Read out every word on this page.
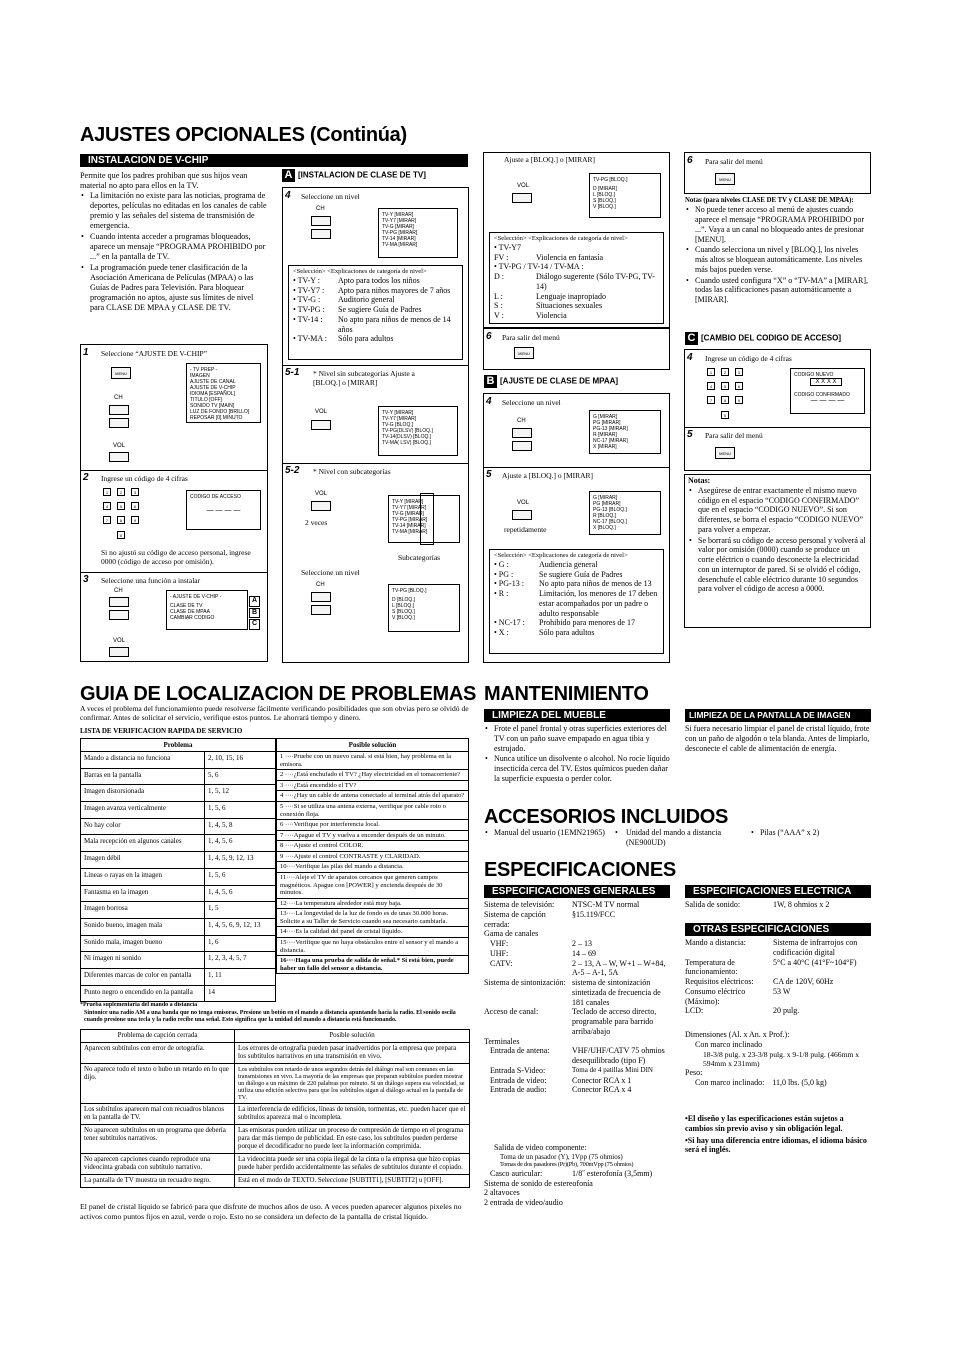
AJUSTES OPCIONALES (Continúa)
INSTALACION DE V-CHIP
Permite que los padres prohiban que sus hijos vean material no apto para ellos en la TV.
• La limitación no existe para las noticias, programa de deportes, películas no editadas en los canales de cable premio y las señales del sistema de transmisión de emergencia.
• Cuando intenta acceder a programas bloqueados, aparece un mensaje “PROGRAMA PROHIBIDO por ...” en la pantalla de TV.
• La programación puede tener clasificación de la Asociación Americana de Películas (MPAA) o las Guías de Padres para Televisión. Para bloquear programación no aptos, ajuste sus límites de nivel para CLASE DE MPAA y CLASE DE TV.
1 Seleccione “AJUSTE DE V-CHIP”
MENU
CH
VOL
- TV PREP -
IMAGEN
AJUSTE DE CANAL
AJUSTE DE V-CHIP
IDIOMA [ESPAÑOL]
TITULO [OFF]
SONIDO TV [MAIN]
LUZ DE FONDO [BRILLO]
REPOSAR [0] MINUTO
2 Ingrese un código de 4 cifras
1	2	3
4	5	6
7	8	9
0
CODIGO DE ACCESO
— — — —
Si no ajustó su código de acceso personal, ingrese 0000 (código de acceso por omisión).
3 Seleccione una función a instalar
CH
VOL
- AJUSTE DE V-CHIP -
CLASE DE TV
CLASE DE MPAA
CAMBIAR CODIGO
A
B
C
A [INSTALACION DE CLASE DE TV]
4 Seleccione un nivel
CH
TV-Y [MIRAR]
TV-Y7 [MIRAR]
TV-G [MIRAR]
TV-PG [MIRAR]
TV-14 [MIRAR]
TV-MA [MIRAR]
<Selección> <Explicaciones de categoría de nivel>
• TV-Y :	Apto para todos los niños
• TV-Y7 :	Apto para niños mayores de 7 años
• TV-G :	Auditorio general
• TV-PG :	Se sugiere Guía de Padres
• TV-14 :	No apto para niños de menos de 14 años
• TV-MA :	Sólo para adultos
5-1 * Nivel sin subcategorías Ajuste a [BLOQ.] o [MIRAR]
VOL	TV-Y [MIRAR]
TV-Y7 [MIRAR]
TV-G [BLOQ.]
TV-PG(DLSV) [BLOQ.]
TV-14(DLSV) [BLOQ.]
TV-MA( LSV) [BLOQ.]
5-2 * Nivel con subcategorías
VOL
2 veces
TV-Y [MIRAR]
TV-Y7 [MIRAR]
TV-G [MIRAR]
TV-PG [MIRAR]
TV-14 [MIRAR]
TV-MA [MIRAR]
Subcategorías
Seleccione un nivel
CH
TV-PG [BLOQ.]
D [BLOQ.]
L [BLOQ.]
S [BLOQ.]
V [BLOQ.]
Ajuste a [BLOQ.] o [MIRAR]
VOL
TV-PG [BLOQ.]
D [MIRAR]
L [BLOQ.]
S [BLOQ.]
V [BLOQ.]
<Selección> <Explicaciones de categoría de nivel>
• TV-Y7
FV :	Violencia en fantasía
• TV-PG / TV-14 / TV-MA :
D :	Diálogo sugerente (Sólo TV-PG, TV-14)
L :	Lenguaje inapropiado
S :	Situaciones sexuales
V :	Violencia
6 Para salir del menú
MENU
B [AJUSTE DE CLASE DE MPAA]
4 Seleccione un nivel
CH
G [MIRAR]
PG [MIRAR]
PG-13 [MIRAR]
R [MIRAR]
NC-17 [MIRAR]
X [MIRAR]
5 Ajuste a [BLOQ.] o [MIRAR]
VOL
repetidamente
G [MIRAR]
PG [MIRAR]
PG-13 [BLOQ.]
R [BLOQ.]
NC-17 [BLOQ.]
X [BLOQ.]
<Selección> <Explicaciones de categoría de nivel>
• G :	Audiencia general
• PG :	Se sugiere Guía de Padres
• PG-13 :	No apto para niños de menos de 13
• R :	Limitación, los menores de 17 deben estar acompañados por un padre o adulto responsable
• NC-17 :	Prohibido para menores de 17
• X :	Sólo para adultos
6 Para salir del menú
MENU
Notas (para niveles CLASE DE TV y CLASE DE MPAA):
• No puede tener acceso al menú de ajustes cuando aparece el mensaje “PROGRAMA PROHIBIDO por ...”. Vaya a un canal no bloqueado antes de presionar [MENU].
• Cuando selecciona un nivel y [BLOQ.], los niveles más altos se bloquean automáticamente. Los niveles más bajos pueden verse.
• Cuando usted configura “X” o “TV-MA” a [MIRAR], todas las calificaciones pasan automáticamente a [MIRAR].
C [CAMBIO DEL CODIGO DE ACCESO]
4 Ingrese un código de 4 cifras
1	2	3
4	5	6
7	8	9
0
CODIGO NUEVO
X X X X
CODIGO CONFIRMADO
— — — —
5 Para salir del menú
MENU
Notas:
• Asegúrese de entrar exactamente el mismo nuevo código en el espacio “CODIGO CONFIRMADO” que en el espacio “CODIGO NUEVO”. Si son diferentes, se borra el espacio “CODIGO NUEVO” para volver a empezar.
• Se borrará su código de acceso personal y volverá al valor por omisión (0000) cuando se produce un corte eléctrico o cuando desconecte la electricidad con un interruptor de pared. Si se olvidó el código, desenchufe el cable eléctrico durante 10 segundos para volver el código de acceso a 0000.
GUIA DE LOCALIZACION DE PROBLEMAS
A veces el problema del funcionamiento puede resolverse fácilmente verificando posibilidades que son obvias pero se olvidó de confirmar. Antes de solicitar el servicio, verifique estos puntos. Le ahorrará tiempo y dinero.
LISTA DE VERIFICACION RAPIDA DE SERVICIO
Problema	
Mando a distancia no funciona	2, 10, 15, 16
Barras en la pantalla	5, 6
Imagen distorsionada	1, 5, 12
Imagen avanza verticalmente	1, 5, 6
No hay color	1, 4, 5, 8
Mala recepción en algunos canales	1, 4, 5, 6
Imagen débil	1, 4, 5, 9, 12, 13
Líneas o rayas en la imagen	1, 5, 6
Fantasma en la imagen	1, 4, 5, 6
Imagen borrosa	1, 5
Sonido bueno, imagen mala	1, 4, 5, 6, 9, 12, 13
Sonido mala, imagen bueno	1, 6
Ni imagen ni sonido	1, 2, 3, 4, 5, 7
Diferentes marcas de color en pantalla	1, 11
Punto negro o encendido en la pantalla	14
Posible solución
1 ····Pruebe con un nuevo canal. si está bien, hay problema en la emisora.
2 ····¿Está enchufado el TV? ¿Hay electricidad en el tomacorriente?
3 ····¿Está encendido el TV?
4 ····¿Hay un cable de antena conectado al terminal atrás del aparato?
5 ····Si se utiliza una antena externa, verifique por cable roto o conexión floja.
6 ····Verifique por interferencia local.
7 ····Apague el TV y vuelva a encender después de un minuto.
8 ····Ajuste el control COLOR.
9 ····Ajuste el control CONTRASTE y CLARIDAD.
10····Verifique las pilas del mando a distancia.
11····Aleje el TV de aparatos cercanos que generen campos magnéticos. Apague con [POWER] y encienda después de 30 minutos.
12····La temperatura alrededor está muy baja.
13····La longevidad de la luz de fondo es de unas 30.000 horas. Solicite a su Taller de Servicio cuando sea necesario cambiarla.
14····Es la calidad del panel de cristal líquido.
15····Verifique que no haya obstáculos entre el sensor y el mando a distancia.
16····Haga una prueba de salida de señal.* Si está bien, puede haber un fallo del sensor a distancia.
*Prueba suplementaria del mando a distancia
Sintonice una radio AM a una banda que no tenga emisoras. Presione un botón en el mando a distancia apuntando hacia la radio. El sonido oscila cuando presione una tecla y la radio recibe una señal. Esto significa que la unidad del mando a distancia está funcionando.
Problema de capción cerrada	Posible solución
Aparecen subtítulos con error de ortografía.	Los errores de ortografía pueden pasar inadvertidos por la empresa que prepara los subtítulos narrativos en una transmisión en vivo.
No aparece todo el texto o hubo un retardo en lo que dijo.	Los subtítulos con retardo de unos segundos detrás del diálogo real son comunes en las transmisiones en vivo. La mayoría de las empresas que preparan subtítulos pueden mostrar un diálogo a un máximo de 220 palabras por minuto. Si un diálogo supera esa velocidad, se utiliza una edición selectiva para que los subtítulos sigan al diálogo actual en la pantalla de TV.
Los subtítulos aparecen mal con recuadros blancos en la pantalla de TV.	La interferencia de edificios, líneas de tensión, tormentas, etc. pueden hacer que el subtítulos aparezca mal o incompleta.
No aparecen subtítulos en un programa que debería tener subtítulos narrativos.	Las emisoras pueden utilizar un proceso de compresión de tiempo en el programa para dar más tiempo de publicidad. En este caso, los subtítulos pueden perderse porque el decodificador no puede leer la información comprimida.
No aparecen capciones cuando reproduce una videocinta grabada con subtítulo narrativo.	La videocinta puede ser una copia ilegal de la cinta o la empresa que hizo copias puede haber perdido accidentalmente las señales de subtítulos durante el copiado.
La pantalla de TV muestra un recuadro negro.	Está en el modo de TEXTO. Seleccione [SUBTIT1], [SUBTIT2] u [OFF].
El panel de cristal líquido se fabricó para que disfrute de muchos años de uso. A veces pueden aparecer algunos pixeles no activos como puntos fijos en azul, verde o rojo. Esto no se considera un defecto de la pantalla de cristal líquido.
MANTENIMIENTO
LIMPIEZA DEL MUEBLE
• Frote el panel frontal y otras superficies exteriores del TV con un paño suave empapado en agua tibia y estrujado.
• Nunca utilice un disolvente o alcohol. No rocíe líquido insecticida cerca del TV. Estos químicos pueden dañar la superficie expuesta o perder color.
LIMPIEZA DE LA PANTALLA DE IMAGEN
Si fuera necesario limpiar el panel de cristal líquido, frote con un paño de algodón o tela blanda. Antes de limpiarlo, desconecte el cable de alimentación de energía.
ACCESORIOS INCLUIDOS
• Manual del usuario (1EMN21965)	• Unidad del mando a distancia (NE900UD)
• Pilas (“AAA” x 2)
ESPECIFICACIONES
ESPECIFICACIONES GENERALES
Sistema de televisión:	NTSC-M TV normal
Sistema de capción cerrada:
§15.119/FCC
Gama de canales
VHF:	2 – 13
UHF:	14 – 69
CATV:	2 – 13, A – W, W+1 – W+84, A-5 – A-1, 5A
Sistema de sintonización: sistema de sintonización sintetizada de frecuencia de 181 canales
Acceso de canal:	Teclado de acceso directo, programable para barrido arriba/abajo
Terminales
Entrada de antena:	VHF/UHF/CATV 75 ohmios desequilibrado (tipo F)
Entrada S-Video:	Toma de 4 patillas Mini DIN
Entrada de video:	Conector RCA x 1
Entrada de audio:	Conector RCA x 4
Salida de video componente:
Toma de un pasador (Y), 1Vpp (75 ohmios)
Tomas de dos pasadores (Pr)(Pb), 700mVpp (75 ohmios)
Casco auricular:	1/8˝ esterofonía (3,5mm)
Sistema de sonido de estereofonía
2 altavoces
2 entrada de video/audio
ESPECIFICACIONES ELECTRICA
Salida de sonido:	1W, 8 ohmios x 2
OTRAS ESPECIFICACIONES
Mando a distancia:	Sistema de infrarrojos con codificación digital
Temperatura de funcionamiento:
5°C a 40°C (41°F~104°F)
Requisitos eléctricos:	CA de 120V, 60Hz
Consumo eléctrico (Máximo):
53 W
LCD:	20 pulg.
Dimensiones (Al. x An. x Prof.):
Con marco inclinado
18-3/8 pulg. x 23-3/8 pulg. x 9-1/8 pulg. (466mm x 594mm x 231mm)
Peso:
Con marco inclinado:    11,0 lbs. (5,0 kg)
•El diseño y las especificaciones están sujetos a cambios sin previo aviso y sin obligación legal.
•Si hay una diferencia entre idiomas, el idioma básico será el inglés.
